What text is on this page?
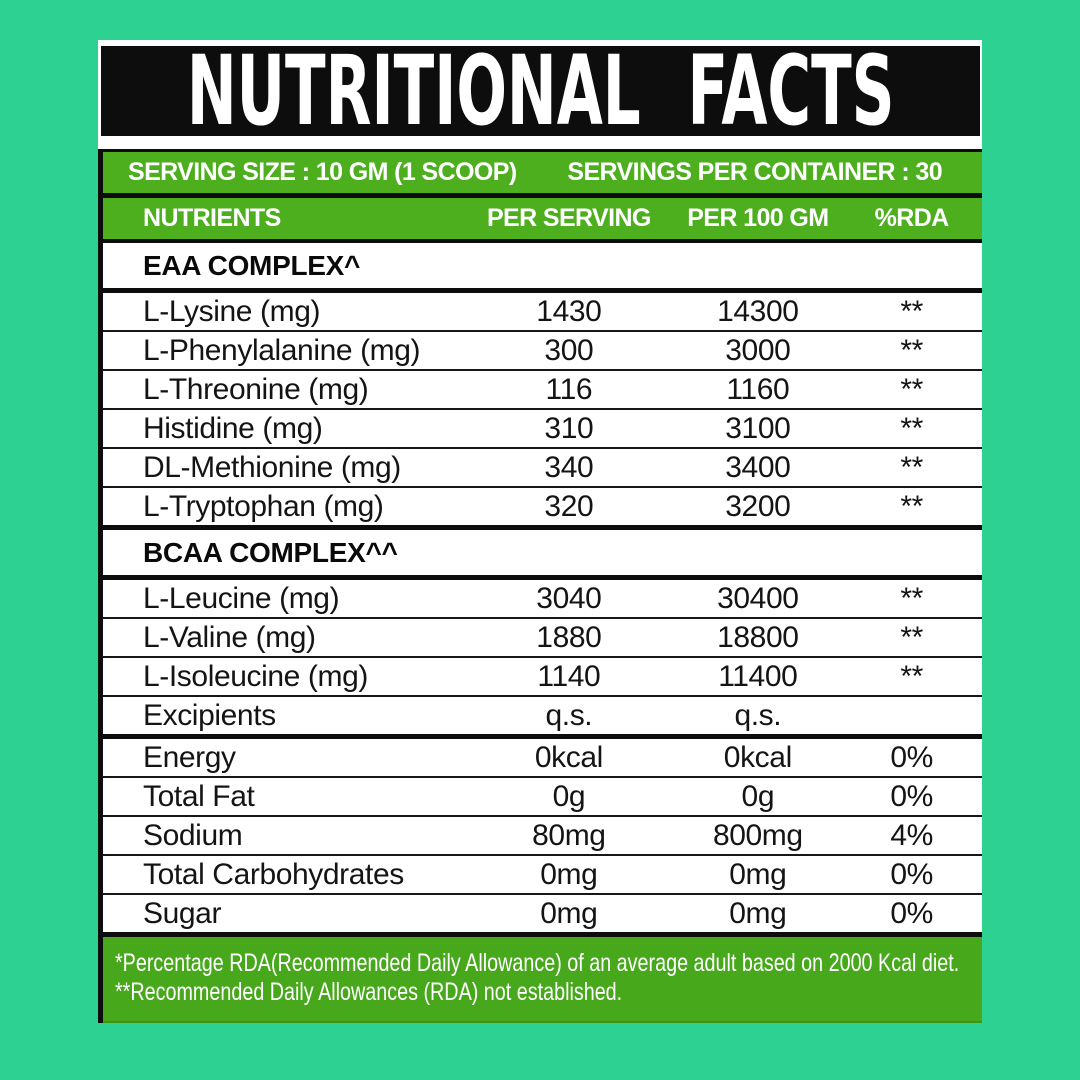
NUTRITIONAL FACTS
SERVING SIZE : 10 GM (1 SCOOP) SERVINGS PER CONTAINER : 30
NUTRIENTS	PER SERVING	PER 100 GM	%RDA
EAA COMPLEX^
L-Lysine (mg)	1430	14300	**
L-Phenylalanine (mg)	300	3000	**
L-Threonine (mg)	116	1160	**
Histidine (mg)	310	3100	**
DL-Methionine (mg)	340	3400	**
L-Tryptophan (mg)	320	3200	**
BCAA COMPLEX^^
L-Leucine (mg)	3040	30400	**
L-Valine (mg)	1880	18800	**
L-Isoleucine (mg)	1140	11400	**
Excipients	q.s.	q.s.
Energy	0kcal	0kcal	0%
Total Fat	0g	0g	0%
Sodium	80mg	800mg	4%
Total Carbohydrates	0mg	0mg	0%
Sugar	0mg	0mg	0%
*Percentage RDA(Recommended Daily Allowance) of an average adult based on 2000 Kcal diet.
**Recommended Daily Allowances (RDA) not established.
